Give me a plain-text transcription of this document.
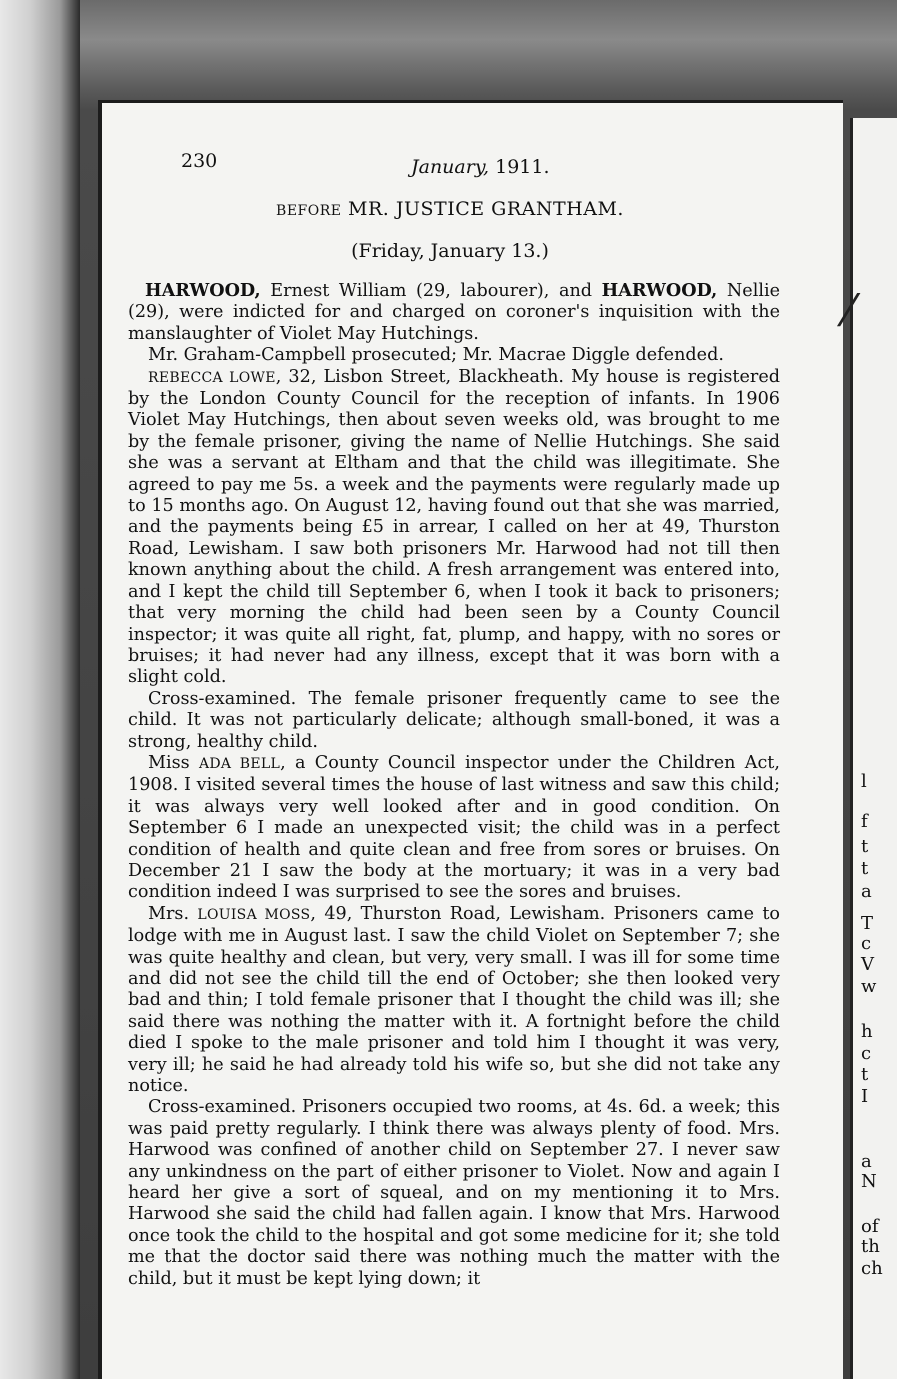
l
f
t
t
a
T
c
V
w
h
c
t
I
a
N
of
th
ch
230	January, 1911.
BEFORE MR. JUSTICE GRANTHAM.
(Friday, January 13.)

HARWOOD, Ernest William (29, labourer), and HARWOOD, Nellie (29), were indicted for and charged on coroner's inquisition with the manslaughter of Violet May Hutchings.

Mr. Graham-Campbell prosecuted; Mr. Macrae Diggle defended.

REBECCA LOWE, 32, Lisbon Street, Blackheath. My house is registered by the London County Council for the reception of infants. In 1906 Violet May Hutchings, then about seven weeks old, was brought to me by the female prisoner, giving the name of Nellie Hutchings. She said she was a servant at Eltham and that the child was illegitimate. She agreed to pay me 5s. a week and the payments were regularly made up to 15 months ago. On August 12, having found out that she was married, and the payments being £5 in arrear, I called on her at 49, Thurston Road, Lewisham. I saw both prisoners Mr. Harwood had not till then known anything about the child. A fresh arrangement was entered into, and I kept the child till September 6, when I took it back to prisoners; that very morning the child had been seen by a County Council inspector; it was quite all right, fat, plump, and happy, with no sores or bruises; it had never had any illness, except that it was born with a slight cold.

Cross-examined. The female prisoner frequently came to see the child. It was not particularly delicate; although small-boned, it was a strong, healthy child.

Miss ADA BELL, a County Council inspector under the Children Act, 1908. I visited several times the house of last witness and saw this child; it was always very well looked after and in good condition. On September 6 I made an unexpected visit; the child was in a perfect condition of health and quite clean and free from sores or bruises. On December 21 I saw the body at the mortuary; it was in a very bad condition indeed I was surprised to see the sores and bruises.

Mrs. LOUISA MOSS, 49, Thurston Road, Lewisham. Prisoners came to lodge with me in August last. I saw the child Violet on September 7; she was quite healthy and clean, but very, very small. I was ill for some time and did not see the child till the end of October; she then looked very bad and thin; I told female prisoner that I thought the child was ill; she said there was nothing the matter with it. A fortnight before the child died I spoke to the male prisoner and told him I thought it was very, very ill; he said he had already told his wife so, but she did not take any notice.

Cross-examined. Prisoners occupied two rooms, at 4s. 6d. a week; this was paid pretty regularly. I think there was always plenty of food. Mrs. Harwood was confined of another child on September 27. I never saw any unkindness on the part of either prisoner to Violet. Now and again I heard her give a sort of squeal, and on my mentioning it to Mrs. Harwood she said the child had fallen again. I know that Mrs. Harwood once took the child to the hospital and got some medicine for it; she told me that the doctor said there was nothing much the matter with the child, but it must be kept lying down; it

⁄
